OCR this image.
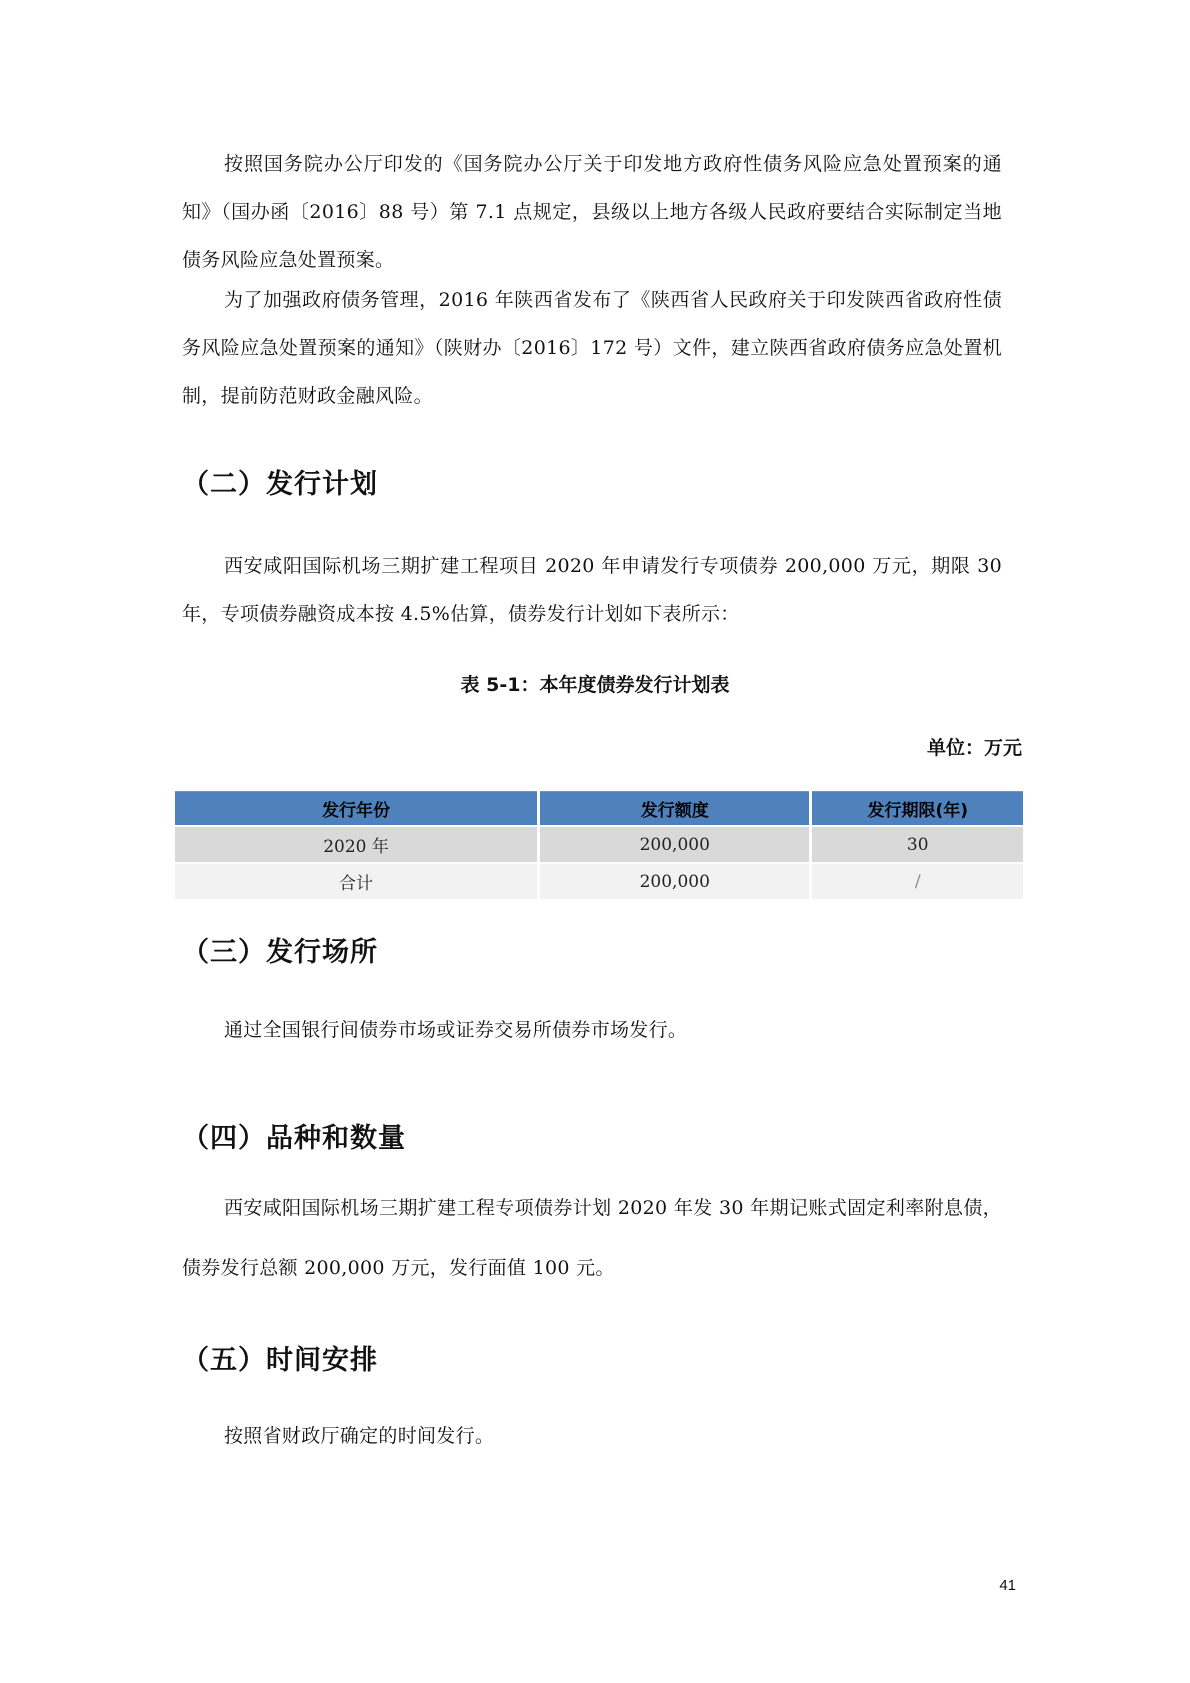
按照国务院办公厅印发的《国务院办公厅关于印发地方政府性债务风险应急处置预案的通知》（国办函〔2016〕88 号）第 7.1 点规定，县级以上地方各级人民政府要结合实际制定当地债务风险应急处置预案。

为了加强政府债务管理，2016 年陕西省发布了《陕西省人民政府关于印发陕西省政府性债务风险应急处置预案的通知》（陕财办〔2016〕172 号）文件，建立陕西省政府债务应急处置机制，提前防范财政金融风险。

（二）发行计划

西安咸阳国际机场三期扩建工程项目 2020 年申请发行专项债券 200,000 万元，期限 30 年，专项债券融资成本按 4.5%估算，债券发行计划如下表所示：

表 5-1：本年度债券发行计划表
单位：万元
发行年份	发行额度	发行期限(年)
2020 年	200,000	30
合计	200,000	/
（三）发行场所

通过全国银行间债券市场或证券交易所债券市场发行。

（四）品种和数量

西安咸阳国际机场三期扩建工程专项债券计划 2020 年发 30 年期记账式固定利率附息债，债券发行总额 200,000 万元，发行面值 100 元。

（五）时间安排

按照省财政厅确定的时间发行。

41
